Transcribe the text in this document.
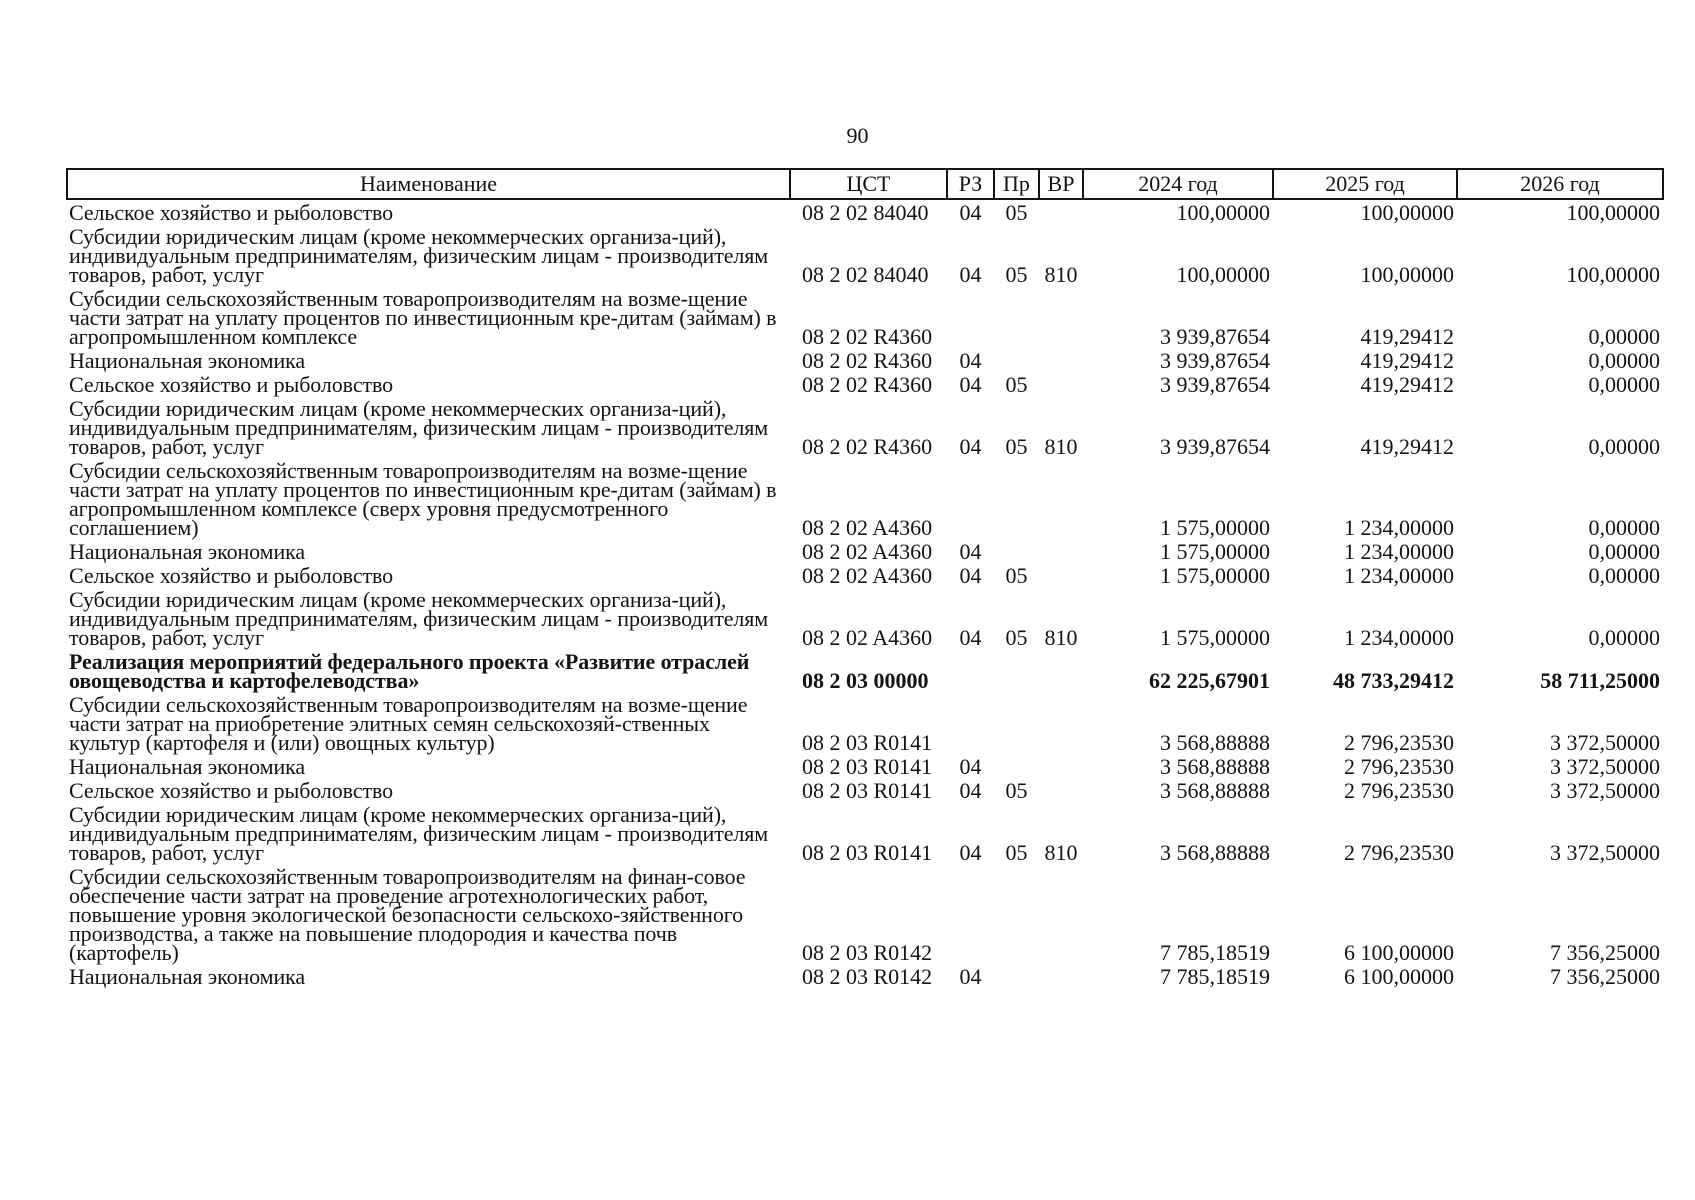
90
Наименование	ЦСТ	РЗ	Пр	ВР	2024 год	2025 год	2026 год
Сельское хозяйство и рыболовство	08 2 02 84040	04	05		100,00000	100,00000	100,00000
Субсидии юридическим лицам (кроме некоммерческих организа-ций), индивидуальным предпринимателям, физическим лицам - производителям товаров, работ, услуг	08 2 02 84040	04	05	810	100,00000	100,00000	100,00000
Субсидии сельскохозяйственным товаропроизводителям на возме-щение части затрат на уплату процентов по инвестиционным кре-дитам (займам) в агропромышленном комплексе	08 2 02 R4360				3 939,87654	419,29412	0,00000
Национальная экономика	08 2 02 R4360	04			3 939,87654	419,29412	0,00000
Сельское хозяйство и рыболовство	08 2 02 R4360	04	05		3 939,87654	419,29412	0,00000
Субсидии юридическим лицам (кроме некоммерческих организа-ций), индивидуальным предпринимателям, физическим лицам - производителям товаров, работ, услуг	08 2 02 R4360	04	05	810	3 939,87654	419,29412	0,00000
Субсидии сельскохозяйственным товаропроизводителям на возме-щение части затрат на уплату процентов по инвестиционным кре-дитам (займам) в агропромышленном комплексе (сверх уровня предусмотренного соглашением)	08 2 02 A4360				1 575,00000	1 234,00000	0,00000
Национальная экономика	08 2 02 A4360	04			1 575,00000	1 234,00000	0,00000
Сельское хозяйство и рыболовство	08 2 02 A4360	04	05		1 575,00000	1 234,00000	0,00000
Субсидии юридическим лицам (кроме некоммерческих организа-ций), индивидуальным предпринимателям, физическим лицам - производителям товаров, работ, услуг	08 2 02 A4360	04	05	810	1 575,00000	1 234,00000	0,00000
Реализация мероприятий федерального проекта «Развитие отраслей овощеводства и картофелеводства»	08 2 03 00000				62 225,67901	48 733,29412	58 711,25000
Субсидии сельскохозяйственным товаропроизводителям на возме-щение части затрат на приобретение элитных семян сельскохозяй-ственных культур (картофеля и (или) овощных культур)	08 2 03 R0141				3 568,88888	2 796,23530	3 372,50000
Национальная экономика	08 2 03 R0141	04			3 568,88888	2 796,23530	3 372,50000
Сельское хозяйство и рыболовство	08 2 03 R0141	04	05		3 568,88888	2 796,23530	3 372,50000
Субсидии юридическим лицам (кроме некоммерческих организа-ций), индивидуальным предпринимателям, физическим лицам - производителям товаров, работ, услуг	08 2 03 R0141	04	05	810	3 568,88888	2 796,23530	3 372,50000
Субсидии сельскохозяйственным товаропроизводителям на финан-совое обеспечение части затрат на проведение агротехнологических работ, повышение уровня экологической безопасности сельскохо-зяйственного производства, а также на повышение плодородия и качества почв (картофель)	08 2 03 R0142				7 785,18519	6 100,00000	7 356,25000
Национальная экономика	08 2 03 R0142	04			7 785,18519	6 100,00000	7 356,25000
